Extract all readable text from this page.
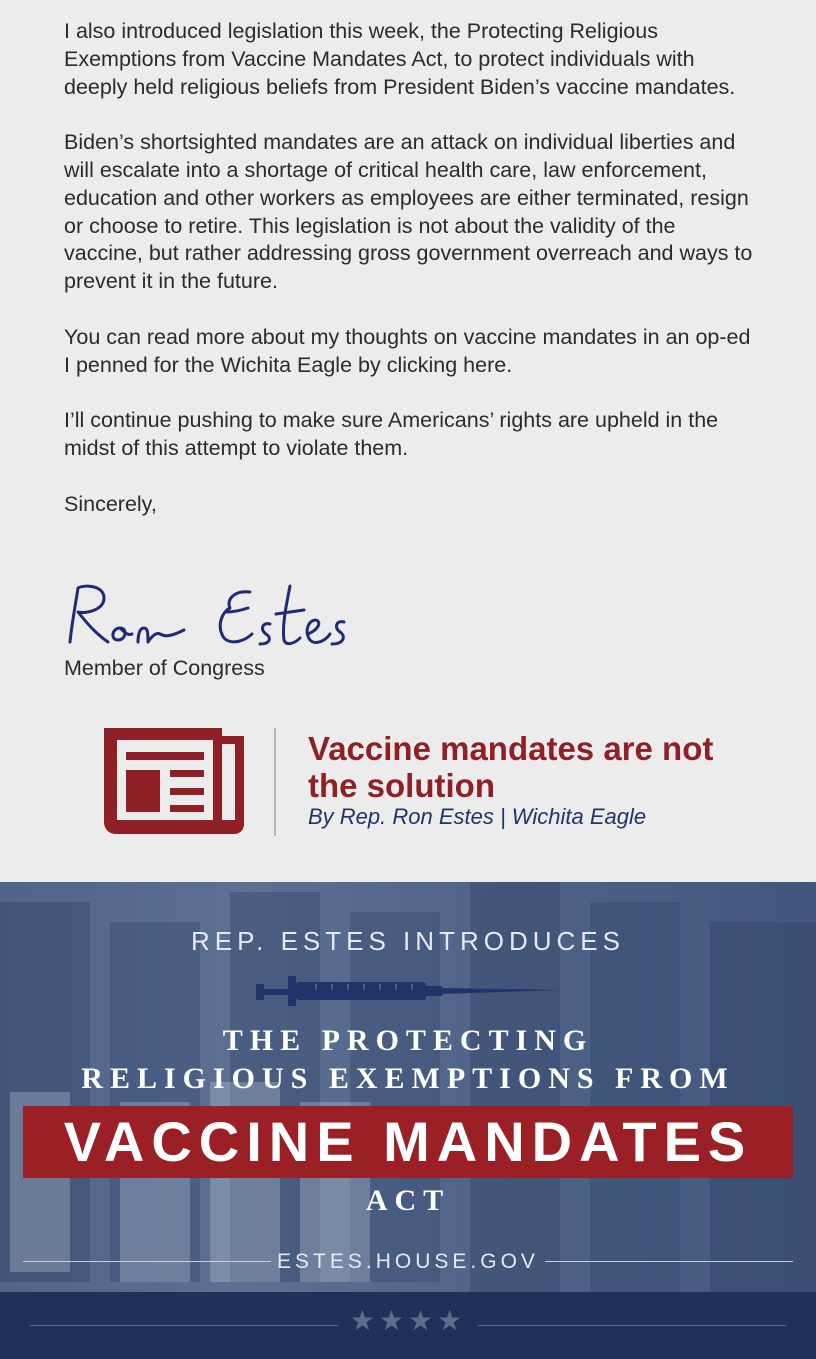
I also introduced legislation this week, the Protecting Religious Exemptions from Vaccine Mandates Act, to protect individuals with deeply held religious beliefs from President Biden’s vaccine mandates.

Biden’s shortsighted mandates are an attack on individual liberties and will escalate into a shortage of critical health care, law enforcement, education and other workers as employees are either terminated, resign or choose to retire. This legislation is not about the validity of the vaccine, but rather addressing gross government overreach and ways to prevent it in the future.

You can read more about my thoughts on vaccine mandates in an op-ed I penned for the Wichita Eagle by clicking here.

I’ll continue pushing to make sure Americans’ rights are upheld in the midst of this attempt to violate them.

Sincerely,

Member of Congress
Vaccine mandates are not the solution
By Rep. Ron Estes | Wichita Eagle
REP. ESTES INTRODUCES
THE PROTECTING
RELIGIOUS EXEMPTIONS FROM
VACCINE MANDATES
ACT
ESTES.HOUSE.GOV
★★★★
